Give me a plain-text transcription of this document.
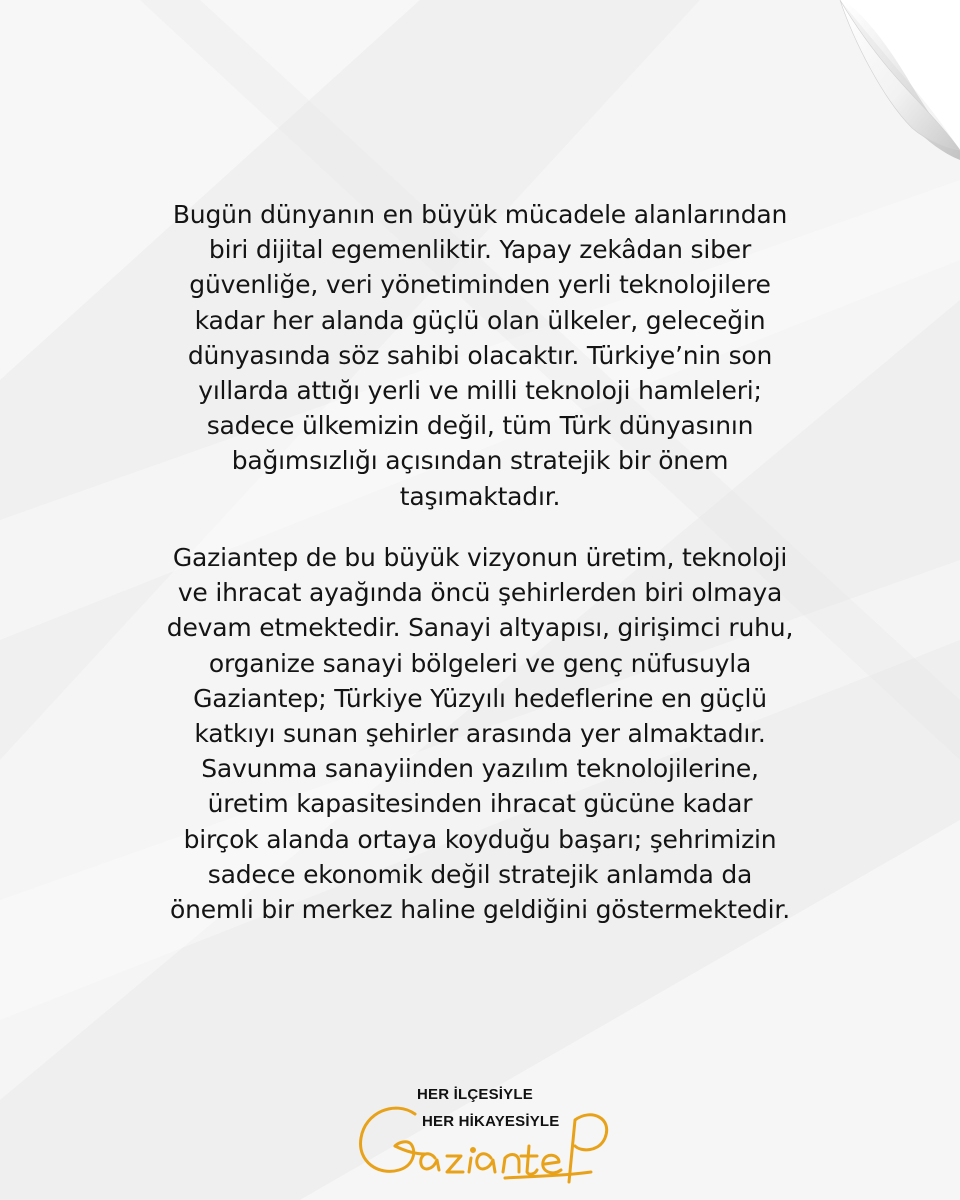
Bugün dünyanın en büyük mücadele alanlarından
biri dijital egemenliktir. Yapay zekâdan siber
güvenliğe, veri yönetiminden yerli teknolojilere
kadar her alanda güçlü olan ülkeler, geleceğin
dünyasında söz sahibi olacaktır. Türkiye’nin son
yıllarda attığı yerli ve milli teknoloji hamleleri;
sadece ülkemizin değil, tüm Türk dünyasının
bağımsızlığı açısından stratejik bir önem
taşımaktadır.
Gaziantep de bu büyük vizyonun üretim, teknoloji
ve ihracat ayağında öncü şehirlerden biri olmaya
devam etmektedir. Sanayi altyapısı, girişimci ruhu,
organize sanayi bölgeleri ve genç nüfusuyla
Gaziantep; Türkiye Yüzyılı hedeflerine en güçlü
katkıyı sunan şehirler arasında yer almaktadır.
Savunma sanayiinden yazılım teknolojilerine,
üretim kapasitesinden ihracat gücüne kadar
birçok alanda ortaya koyduğu başarı; şehrimizin
sadece ekonomik değil stratejik anlamda da
önemli bir merkez haline geldiğini göstermektedir.
HER İLÇESİYLE
HER HİKAYESİYLE
